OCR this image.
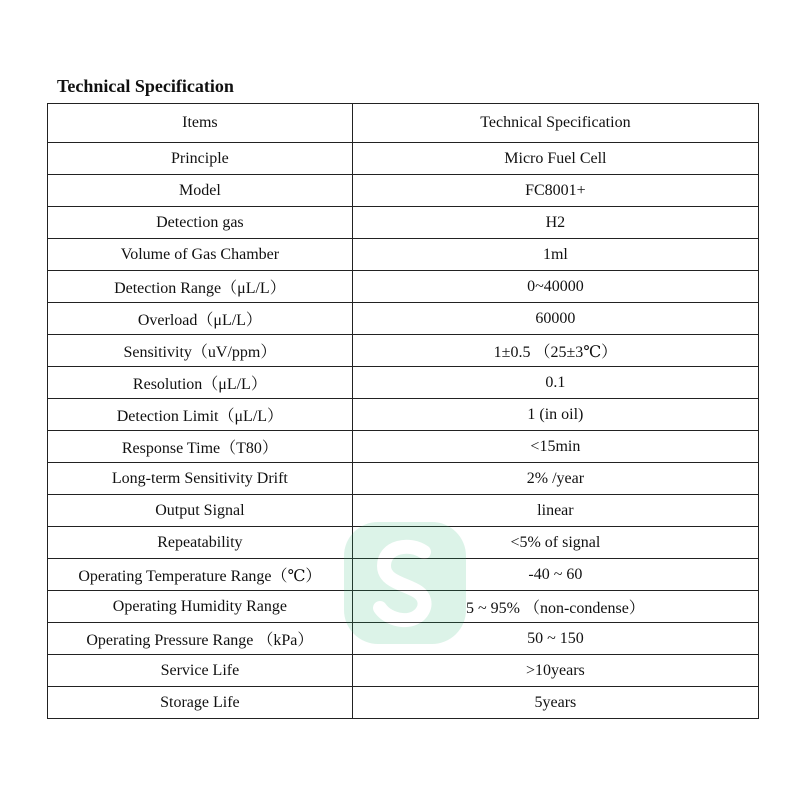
Technical Specification
Items	Technical Specification
Principle	Micro Fuel Cell
Model	FC8001+
Detection gas	H2
Volume of Gas Chamber	1ml
Detection Range（μL/L）	0~40000
Overload（μL/L）	60000
Sensitivity（uV/ppm）	1±0.5 （25±3℃）
Resolution（μL/L）	0.1
Detection Limit（μL/L）	1 (in oil)
Response Time（T80）	<15min
Long-term Sensitivity Drift	2% /year
Output Signal	linear
Repeatability	<5% of signal
Operating Temperature Range（℃）	-40 ~ 60
Operating Humidity Range	5 ~ 95% （non-condense）
Operating Pressure Range （kPa）	50 ~ 150
Service Life	>10years
Storage Life	5years
